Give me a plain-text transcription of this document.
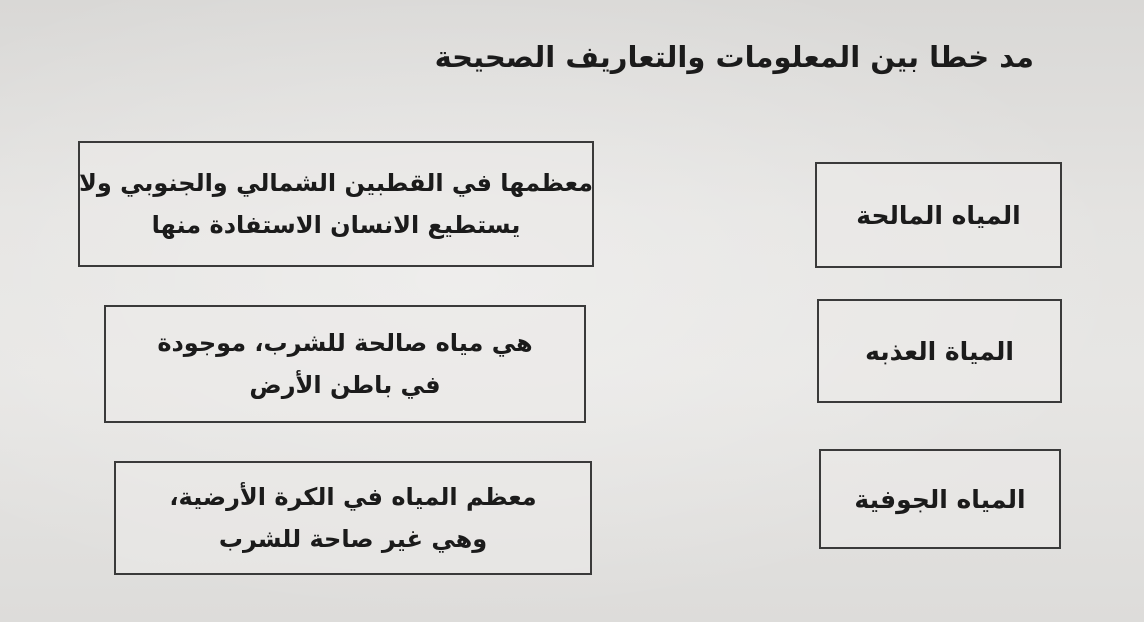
مد خطا بين المعلومات والتعاريف الصحيحة
المياه المالحة
المياة العذبه
المياه الجوفية
معظمها في القطبين الشمالي والجنوبي ولا
يستطيع الانسان الاستفادة منها
هي مياه صالحة للشرب، موجودة
في باطن الأرض
معظم المياه في الكرة الأرضية،
وهي غير صاحة للشرب
